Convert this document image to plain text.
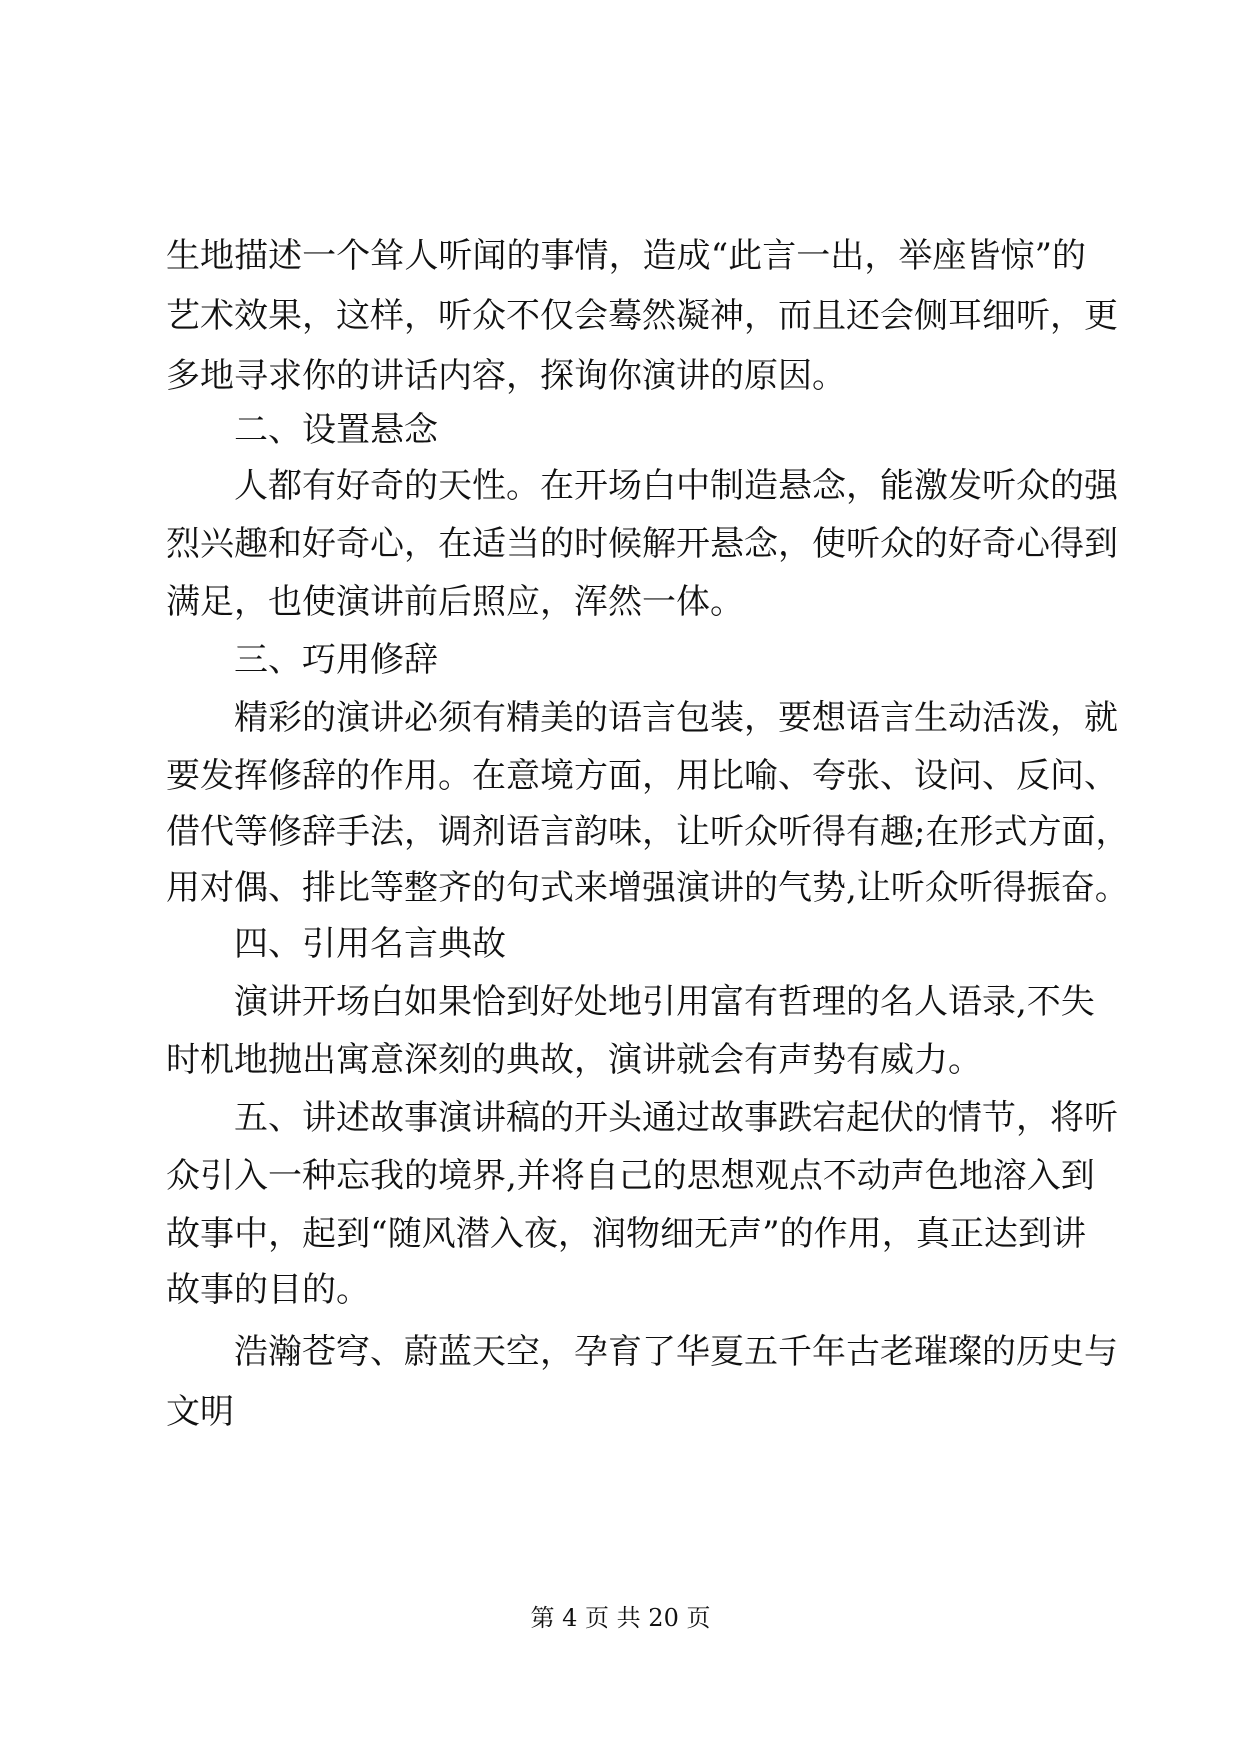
生地描述一个耸人听闻的事情，造成“此言一出，举座皆惊”的
艺术效果，这样，听众不仅会蓦然凝神，而且还会侧耳细听，更
多地寻求你的讲话内容，探询你演讲的原因。
二、设置悬念
人都有好奇的天性。在开场白中制造悬念，能激发听众的强
烈兴趣和好奇心，在适当的时候解开悬念，使听众的好奇心得到
满足，也使演讲前后照应，浑然一体。
三、巧用修辞
精彩的演讲必须有精美的语言包装，要想语言生动活泼，就
要发挥修辞的作用。在意境方面，用比喻、夸张、设问、反问、
借代等修辞手法，调剂语言韵味，让听众听得有趣;在形式方面，
用对偶、排比等整齐的句式来增强演讲的气势,让听众听得振奋。
四、引用名言典故
演讲开场白如果恰到好处地引用富有哲理的名人语录,不失
时机地抛出寓意深刻的典故，演讲就会有声势有威力。
五、讲述故事演讲稿的开头通过故事跌宕起伏的情节，将听
众引入一种忘我的境界,并将自己的思想观点不动声色地溶入到
故事中，起到“随风潜入夜，润物细无声”的作用，真正达到讲
故事的目的。
浩瀚苍穹、蔚蓝天空，孕育了华夏五千年古老璀璨的历史与
文明
第 4 页 共 20 页
